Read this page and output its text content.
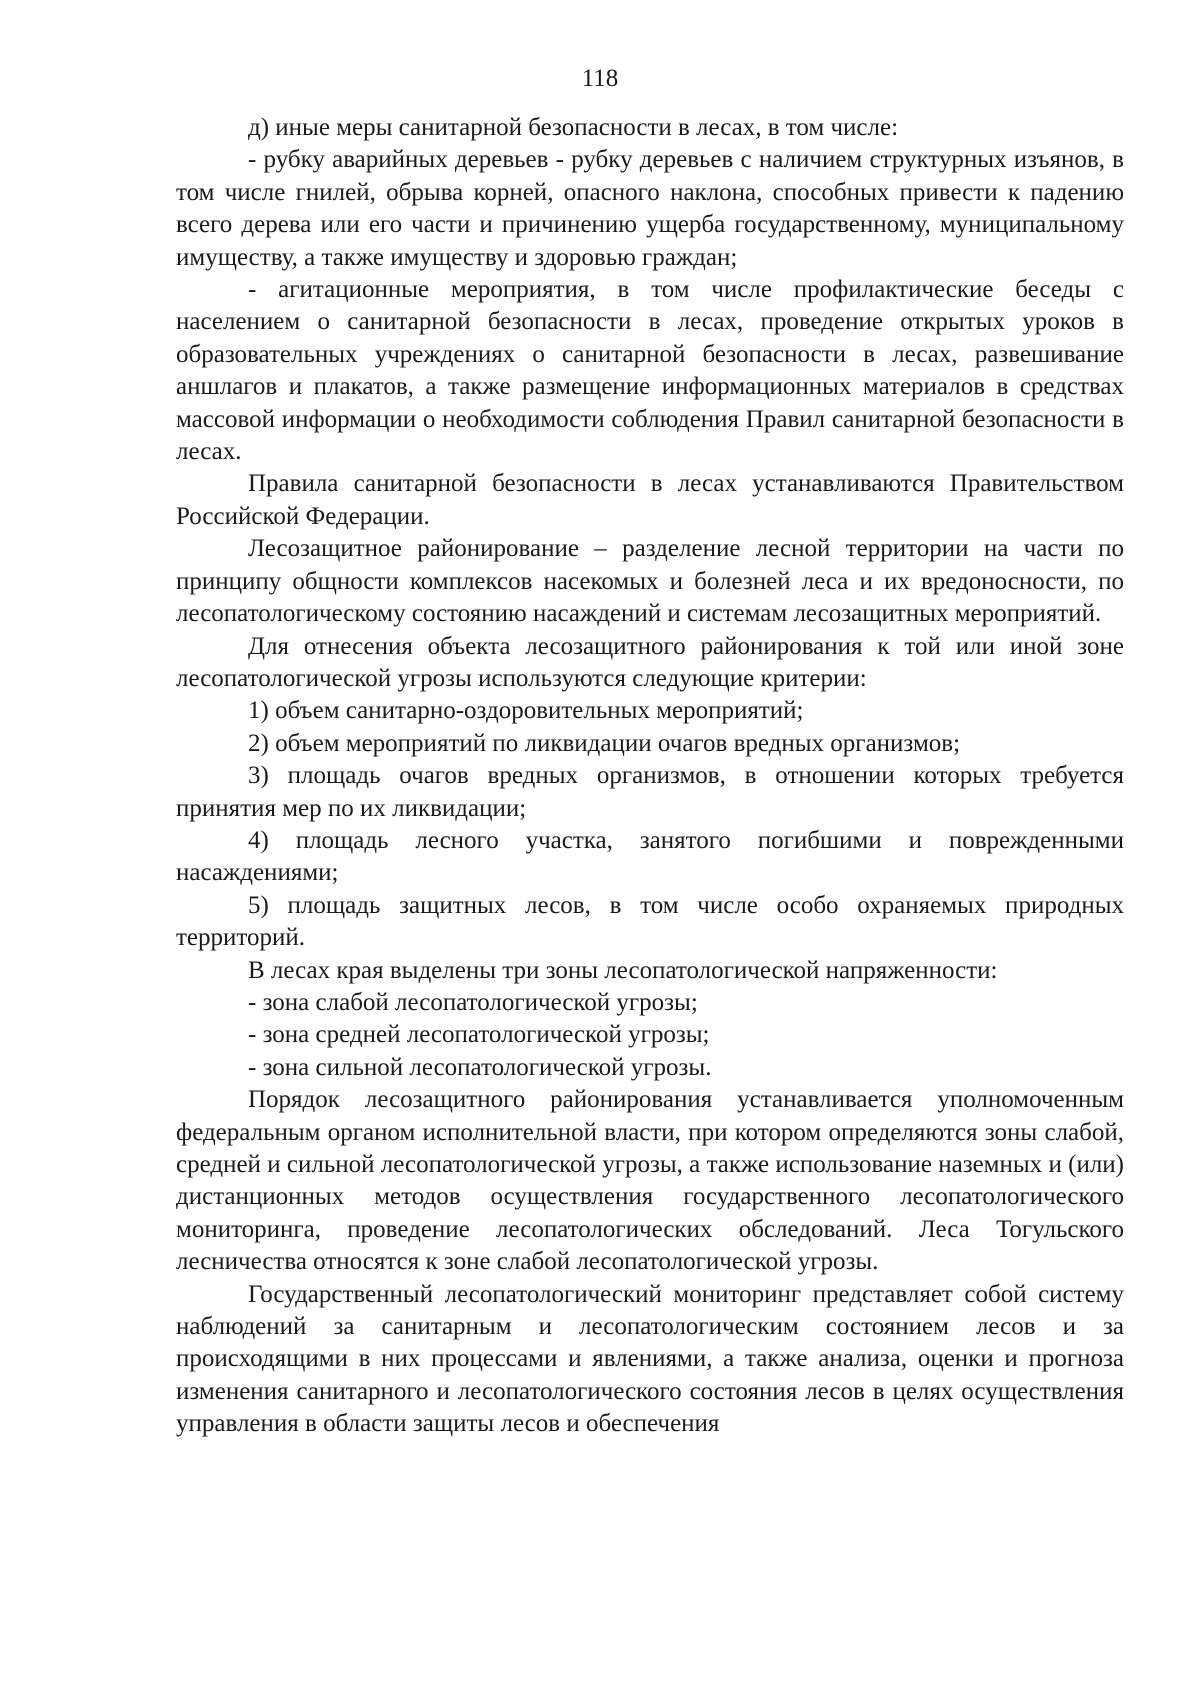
118

д) иные меры санитарной безопасности в лесах, в том числе:

- рубку аварийных деревьев - рубку деревьев с наличием структурных изъянов, в том числе гнилей, обрыва корней, опасного наклона, способных привести к падению всего дерева или его части и причинению ущерба государственному, муниципальному имуществу, а также имуществу и здоровью граждан;

- агитационные мероприятия, в том числе профилактические беседы с населением о санитарной безопасности в лесах, проведение открытых уроков в образовательных учреждениях о санитарной безопасности в лесах, развешивание аншлагов и плакатов, а также размещение информационных материалов в средствах массовой информации о необходимости соблюдения Правил санитарной безопасности в лесах.

Правила санитарной безопасности в лесах устанавливаются Правительством Российской Федерации.

Лесозащитное районирование – разделение лесной территории на части по принципу общности комплексов насекомых и болезней леса и их вредоносности, по лесопатологическому состоянию насаждений и системам лесозащитных мероприятий.

Для отнесения объекта лесозащитного районирования к той или иной зоне лесопатологической угрозы используются следующие критерии:

1) объем санитарно-оздоровительных мероприятий;

2) объем мероприятий по ликвидации очагов вредных организмов;

3) площадь очагов вредных организмов, в отношении которых требуется принятия мер по их ликвидации;

4) площадь лесного участка, занятого погибшими и поврежденными насаждениями;

5) площадь защитных лесов, в том числе особо охраняемых природных территорий.

В лесах края выделены три зоны лесопатологической напряженности:

- зона слабой лесопатологической угрозы;

- зона средней лесопатологической угрозы;

- зона сильной лесопатологической угрозы.

Порядок лесозащитного районирования устанавливается уполномоченным федеральным органом исполнительной власти, при котором определяются зоны слабой, средней и сильной лесопатологической угрозы, а также использование наземных и (или) дистанционных методов осуществления государственного лесопатологического мониторинга, проведение лесопатологических обследований. Леса Тогульского лесничества относятся к зоне слабой лесопатологической угрозы.

Государственный лесопатологический мониторинг представляет собой систему наблюдений за санитарным и лесопатологическим состоянием лесов и за происходящими в них процессами и явлениями, а также анализа, оценки и прогноза изменения санитарного и лесопатологического состояния лесов в целях осуществления управления в области защиты лесов и обеспечения
